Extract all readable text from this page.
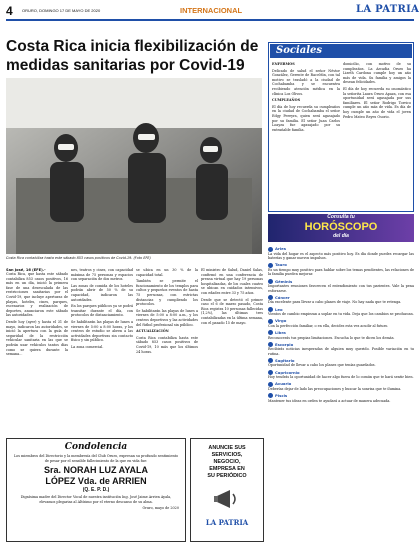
4 ORURO, DOMINGO 17 DE MAYO DE 2020	INTERNACIONAL	LA PATRIA
Costa Rica inicia flexibilización de medidas sanitarias por Covid-19
Costa Rica contabiliza hasta este sábado 853 casos positivos de Covid-19. (Foto EFE)
San José, 16 (EFE).-

Costa Rica, que hasta este sábado contabiliza 853 casos positivos, 16 más en un día, inició la primera fase de una desescalada de las restricciones sanitarias por el Covid-19, que incluye aperturas de playas, hoteles, cines, parques, escenarios y realización de deportes, anunciaron este sábado las autoridades.

Desde hoy (ayer) y hasta el 31 de mayo, indicaron las autoridades, se inició la apertura con la guía de seguridad de la restricción vehicular sanitaria en las que se podrán usar vehículos tantos días como se quiera durante la semana...

nes, teatros y cines, con capacidad máxima de 75 personas y espacios con separación de dos metros.

Las zonas de comida de los hoteles podrán abrir de 50 % de su capacidad, indicaron las autoridades.

En los parques públicos ya se podrá transitar durante el día, con protocolos de distanciamiento.

Se habilitarán las playas de lunes a viernes de 5:00 a 8:00 horas, y los centros de estudio se abren a las actividades deportivas sin contacto físico y sin público.

La zona comercial.

se ubica en un 30 % de la capacidad total.

También se permite el funcionamiento de los templos para cultos y pequeños eventos de hasta 75 personas, con estrictas distancias y cumpliendo los protocolos.

Se habilitarán las playas de lunes a viernes de 5:00 a 8:00 a.m., y los centros deportivos y las actividades del fútbol profesional sin público.

ACTUALIZACIÓN

Costa Rica contabiliza hasta este sábado 853 casos positivos de Covid-19, 10 más que los últimos 24 horas.

El ministro de Salud, Daniel Salas, confirmó en una conferencia de prensa virtual que hay 19 personas hospitalizadas, de los cuales cuatro se ubican en cuidados intensivos, con edades entre 33 y 75 años.

Desde que se detectó el primer caso el 6 de marzo pasado, Costa Rica registra 10 personas fallecidas (1,2%), las últimas tres contabilizadas en la última semana, con el pasado 15 de mayo.

Condolencia
Los miembros del Directorio y la membresía del Club Oruro, expresan su profundo sentimiento de pesar por el sensible fallecimiento de la que en vida fue:
Sra. NORAH LUZ AYALA
LÓPEZ Vda. de ARRIEN
(Q. E. P. D.)
Dignísima madre del Director Vocal de nuestra institución Ing. José Jaime Arrien Ayala, elevamos plegarias al Altísimo por el eterno descanso de su alma.
Oruro, mayo de 2020
ANUNCIE SUS
SERVICIOS,
NEGOCIO,
EMPRESA EN
SU PERIÓDICO
LA PATRIA
Sociales

ENFERMOS

Delicado de salud el señor Néstor González, Gerente de RaceMin, con tal motivo se trasladó a la ciudad de Cochabamba y se encuentra recibiendo atención médica en la clínica Los Olivos.

CUMPLEAÑOS

El día de hoy recuerda su cumpleaños en la ciudad de Cochabamba el señor Edgy Pereyra, quien será agasajado por su familia. El señor Juan Carlos Loayza fue agasajado por su entrañable familia.

domicilio, con motivo de su cumpleaños. La Arcadia Oruro ha Lizeth Cardona cumple hoy un año más de vida. Su familia y amigos la desean felicidades.

El día de hoy recuerda su onomástico la señorita Laura Oruro Apaza, con esa oportunidad será agasajada por sus familiares. El señor Rodrigo Torrico cumple un año más de vida. Es día de hoy cumple un año de vida el joven Pedro Mateo Reyes Osorio.

Consulta tu
HORÓSCOPO
del día
Aries
La vida del hogar es el aspecto más positivo hoy. Es día donde puedes recargar las baterías y ganar nuevos impulsos.
Tauro
Es un tiempo muy positivo para hablar sobre los temas pendientes, las relaciones de la familia pueden mejorar.
Géminis
Importantes reuniones favorecen el entendimiento con tus parientes. Vale la pena esforzarse.
Cáncer
Día excelente para llevar a cabo planes de viaje. No hay nada que te retenga.
Leo
Vientos de cambio empiezan a soplar en tu vida. Deja que los cambios se produzcan.
Virgo
Con la perfección familiar, o en ella, decides esta vez acudir al futuro.
Libra
Reconocerás tus propias limitaciones. Escucha lo que te dicen los demás.
Escorpio
Recibirás noticias inesperadas de alguien muy querido. Posible variación en tu rutina.
Sagitario
Oportunidad de llevar a cabo los planes que tenías guardados.
Capricornio
Hoy tendrás la oportunidad de hacer algo fuera de lo común que te hará sentir bien.
Acuario
Deberías dejar de lado las preocupaciones y buscar la sonrisa que te ilumina.
Piscis
Mantener tus ideas en orden te ayudará a actuar de manera adecuada.
